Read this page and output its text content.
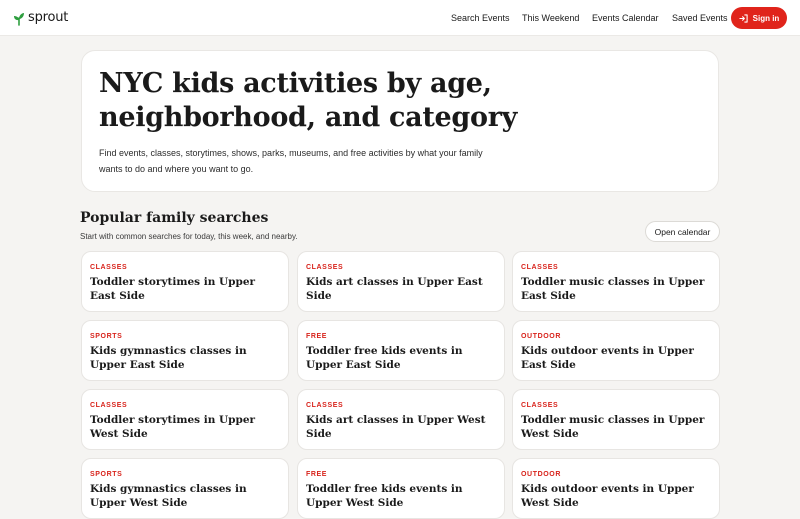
sprout	Search Events This Weekend Events Calendar Saved Events	Sign in
NYC kids activities by age, neighborhood, and category

Find events, classes, storytimes, shows, parks, museums, and free activities by what your family wants to do and where you want to go.

Popular family searches

Start with common searches for today, this week, and nearby.	Open calendar
CLASSES
Toddler storytimes in Upper East Side
CLASSES
Kids art classes in Upper East Side
CLASSES
Toddler music classes in Upper East Side
SPORTS
Kids gymnastics classes in Upper East Side
FREE
Toddler free kids events in Upper East Side
OUTDOOR
Kids outdoor events in Upper East Side
CLASSES
Toddler storytimes in Upper West Side
CLASSES
Kids art classes in Upper West Side
CLASSES
Toddler music classes in Upper West Side
SPORTS
Kids gymnastics classes in Upper West Side
FREE
Toddler free kids events in Upper West Side
OUTDOOR
Kids outdoor events in Upper West Side
